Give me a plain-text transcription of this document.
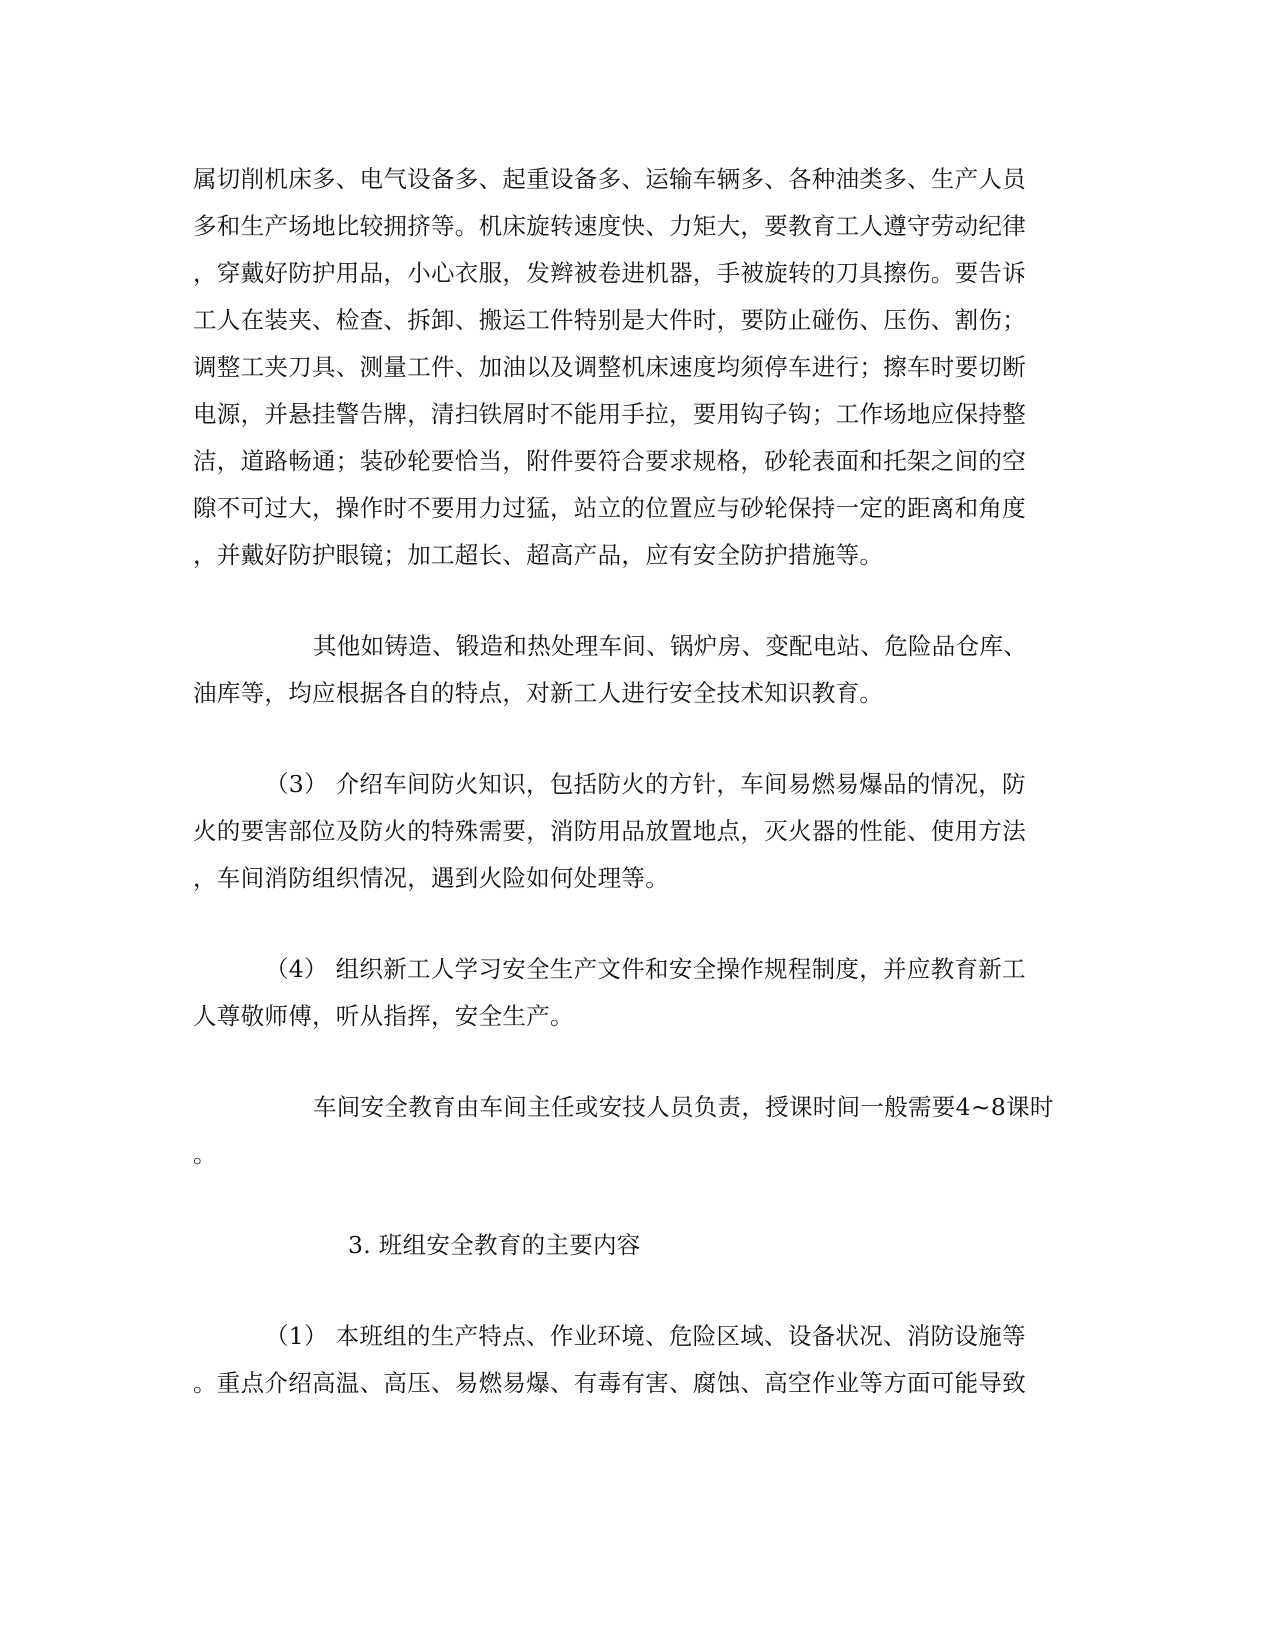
属切削机床多、电气设备多、起重设备多、运输车辆多、各种油类多、生产人员
多和生产场地比较拥挤等。机床旋转速度快、力矩大，要教育工人遵守劳动纪律
，穿戴好防护用品，小心衣服，发辫被卷进机器，手被旋转的刀具擦伤。要告诉
工人在装夹、检查、拆卸、搬运工件特别是大件时，要防止碰伤、压伤、割伤；
调整工夹刀具、测量工件、加油以及调整机床速度均须停车进行；擦车时要切断
电源，并悬挂警告牌，清扫铁屑时不能用手拉，要用钩子钩；工作场地应保持整
洁，道路畅通；装砂轮要恰当，附件要符合要求规格，砂轮表面和托架之间的空
隙不可过大，操作时不要用力过猛，站立的位置应与砂轮保持一定的距离和角度
，并戴好防护眼镜；加工超长、超高产品，应有安全防护措施等。
其他如铸造、锻造和热处理车间、锅炉房、变配电站、危险品仓库、
油库等，均应根据各自的特点，对新工人进行安全技术知识教育。
（3） 介绍车间防火知识，包括防火的方针，车间易燃易爆品的情况，防
火的要害部位及防火的特殊需要，消防用品放置地点，灭火器的性能、使用方法
，车间消防组织情况，遇到火险如何处理等。
（4） 组织新工人学习安全生产文件和安全操作规程制度，并应教育新工
人尊敬师傅，听从指挥，安全生产。
车间安全教育由车间主任或安技人员负责，授课时间一般需要4~8课时
。
3. 班组安全教育的主要内容
（1） 本班组的生产特点、作业环境、危险区域、设备状况、消防设施等
。重点介绍高温、高压、易燃易爆、有毒有害、腐蚀、高空作业等方面可能导致
